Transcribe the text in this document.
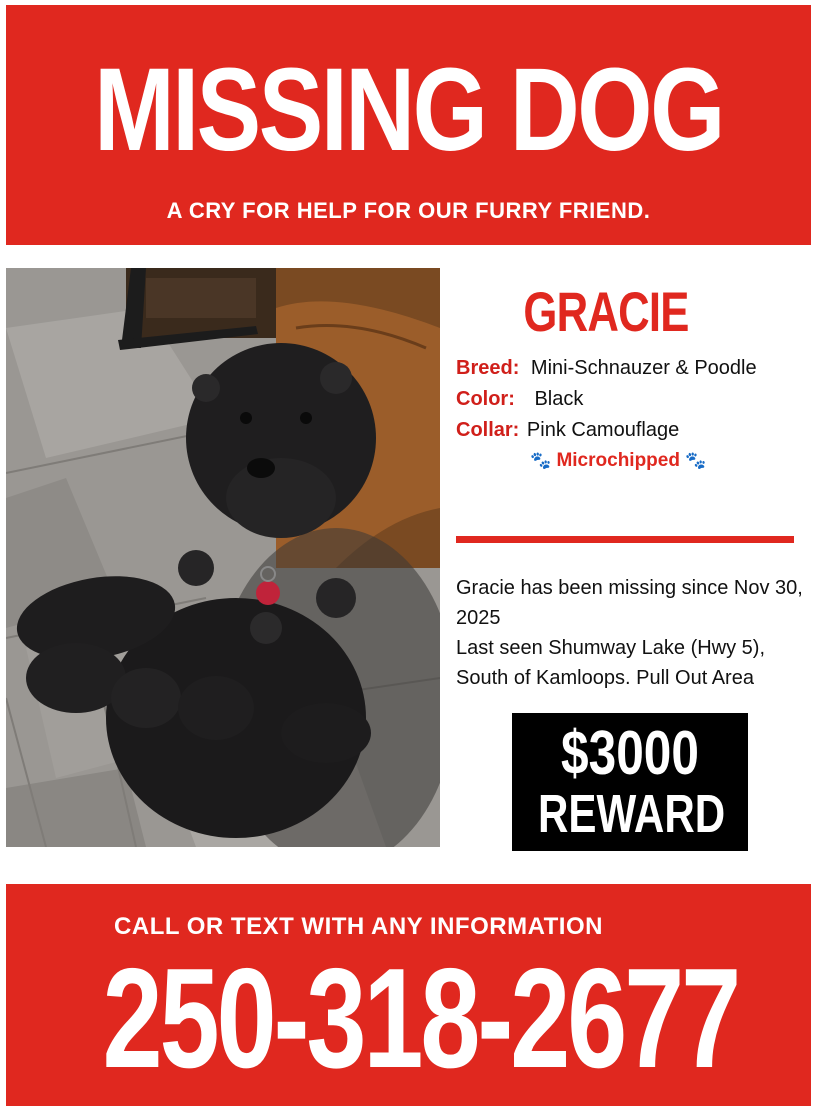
MISSING DOG
A CRY FOR HELP FOR OUR FURRY FRIEND.
GRACIE
Breed: Mini-Schnauzer & Poodle
Color: Black
Collar: Pink Camouflage
🐾 Microchipped 🐾
Gracie has been missing since Nov 30, 2025
Last seen Shumway Lake (Hwy 5), South of Kamloops. Pull Out Area
$3000
REWARD
CALL OR TEXT WITH ANY INFORMATION
250-318-2677
